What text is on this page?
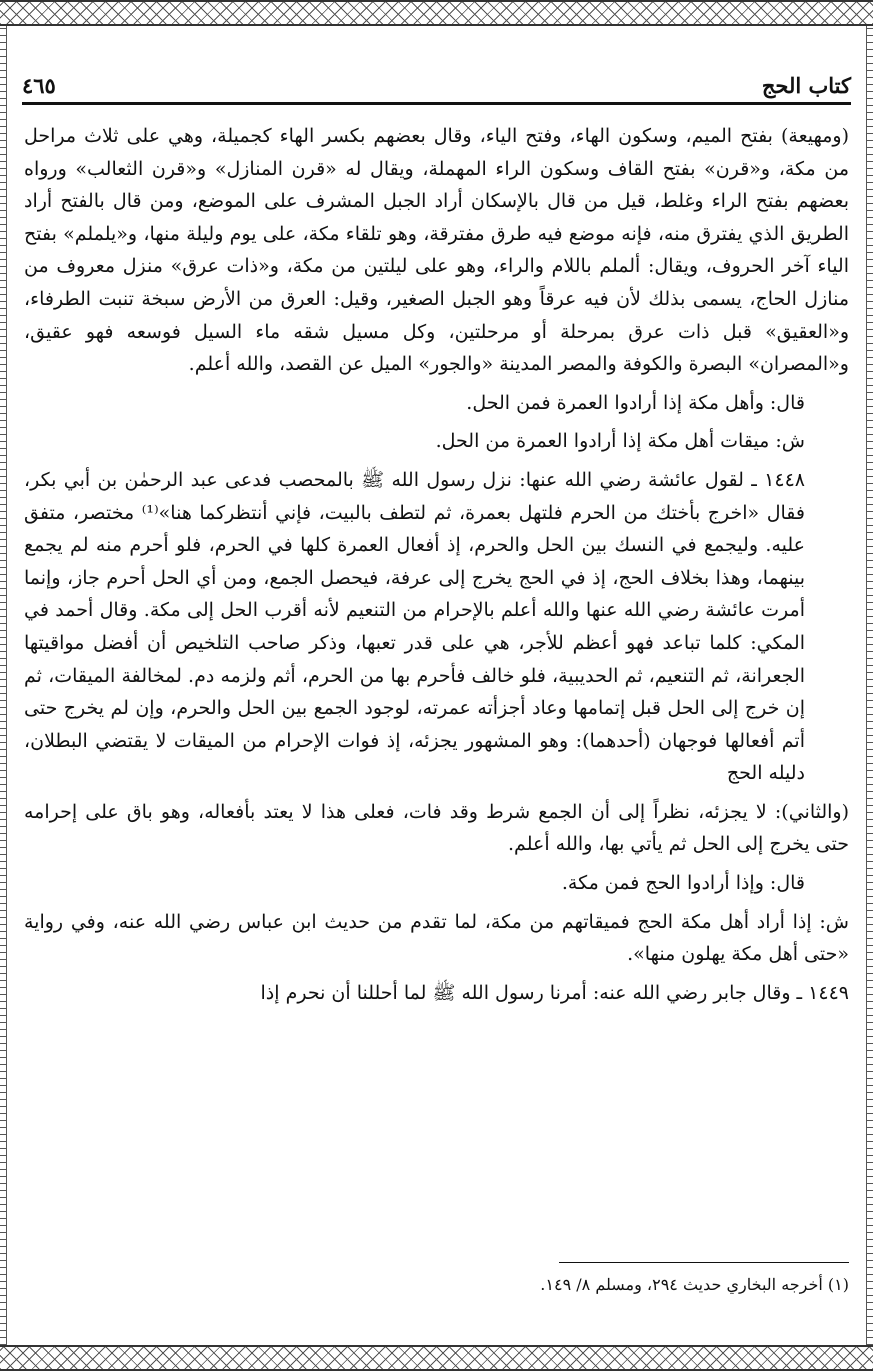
كتاب الحج
٤٦٥

(ومهيعة) بفتح الميم، وسكون الهاء، وفتح الياء، وقال بعضهم بكسر الهاء كجميلة، وهي على ثلاث مراحل من مكة، و«قرن» بفتح القاف وسكون الراء المهملة، ويقال له «قرن المنازل» و«قرن الثعالب» ورواه بعضهم بفتح الراء وغلط، قيل من قال بالإسكان أراد الجبل المشرف على الموضع، ومن قال بالفتح أراد الطريق الذي يفترق منه، فإنه موضع فيه طرق مفترقة، وهو تلقاء مكة، على يوم وليلة منها، و«يلملم» بفتح الياء آخر الحروف، ويقال: ألملم باللام والراء، وهو على ليلتين من مكة، و«ذات عرق» منزل معروف من منازل الحاج، يسمى بذلك لأن فيه عرقاً وهو الجبل الصغير، وقيل: العرق من الأرض سبخة تنبت الطرفاء، و«العقيق» قبل ذات عرق بمرحلة أو مرحلتين، وكل مسيل شقه ماء السيل فوسعه فهو عقيق، و«المصران» البصرة والكوفة والمصر المدينة «والجور» الميل عن القصد، والله أعلم.

قال: وأهل مكة إذا أرادوا العمرة فمن الحل.

ش: ميقات أهل مكة إذا أرادوا العمرة من الحل.

١٤٤٨ ـ لقول عائشة رضي الله عنها: نزل رسول الله ﷺ بالمحصب فدعى عبد الرحمٰن بن أبي بكر، فقال «اخرج بأختك من الحرم فلتهل بعمرة، ثم لتطف بالبيت، فإني أنتظركما هنا»⁽¹⁾ مختصر، متفق عليه. وليجمع في النسك بين الحل والحرم، إذ أفعال العمرة كلها في الحرم، فلو أحرم منه لم يجمع بينهما، وهذا بخلاف الحج، إذ في الحج يخرج إلى عرفة، فيحصل الجمع، ومن أي الحل أحرم جاز، وإنما أمرت عائشة رضي الله عنها والله أعلم بالإحرام من التنعيم لأنه أقرب الحل إلى مكة. وقال أحمد في المكي: كلما تباعد فهو أعظم للأجر، هي على قدر تعبها، وذكر صاحب التلخيص أن أفضل مواقيتها الجعرانة، ثم التنعيم، ثم الحديبية، فلو خالف فأحرم بها من الحرم، أثم ولزمه دم. لمخالفة الميقات، ثم إن خرج إلى الحل قبل إتمامها وعاد أجزأته عمرته، لوجود الجمع بين الحل والحرم، وإن لم يخرج حتى أتم أفعالها فوجهان (أحدهما): وهو المشهور يجزئه، إذ فوات الإحرام من الميقات لا يقتضي البطلان، دليله الحج

(والثاني): لا يجزئه، نظراً إلى أن الجمع شرط وقد فات، فعلى هذا لا يعتد بأفعاله، وهو باق على إحرامه حتى يخرج إلى الحل ثم يأتي بها، والله أعلم.

قال: وإذا أرادوا الحج فمن مكة.

ش: إذا أراد أهل مكة الحج فميقاتهم من مكة، لما تقدم من حديث ابن عباس رضي الله عنه، وفي رواية «حتى أهل مكة يهلون منها».

١٤٤٩ ـ وقال جابر رضي الله عنه: أمرنا رسول الله ﷺ لما أحللنا أن نحرم إذا

(١) أخرجه البخاري حديث ٢٩٤، ومسلم ٨/ ١٤٩.
